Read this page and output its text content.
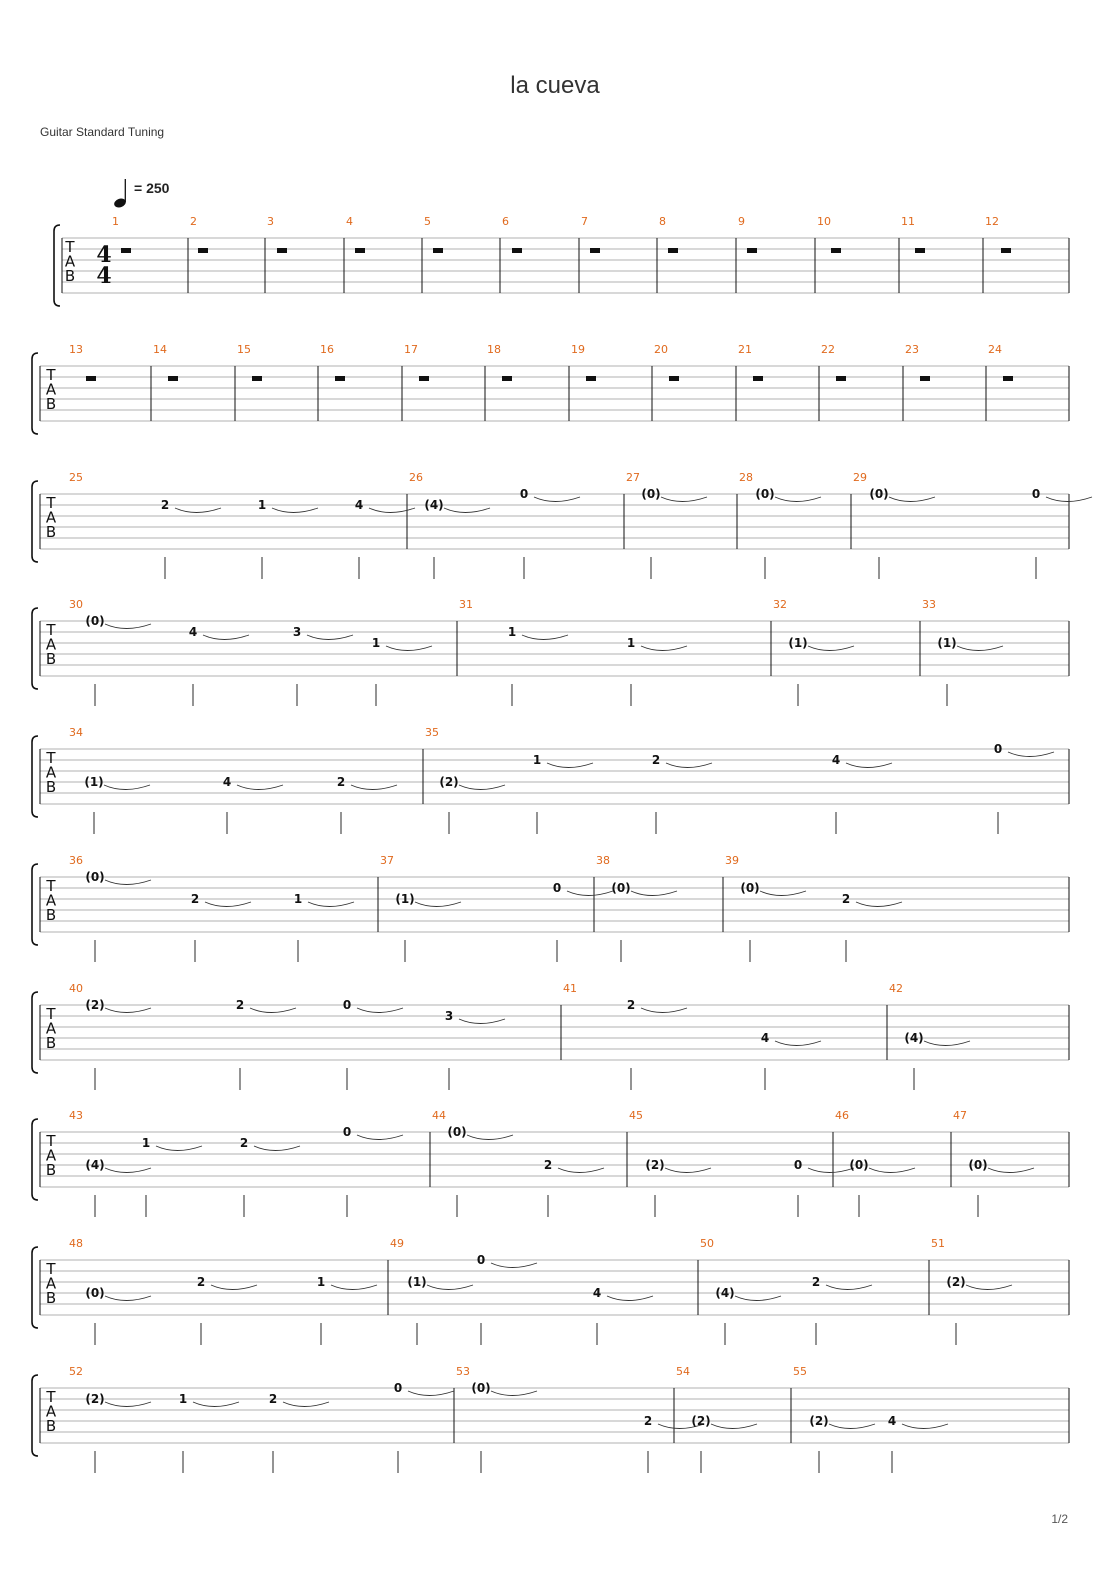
la cueva
Guitar Standard Tuning
= 250
T
A
B
4
4
1	2	3	4	5	6	7	8	9	10	11	12
T
A
B
13	14	15	16	17	18	19	20	21	22	23	24
T
A
B
25	26	27	28	29
2	1	4	(4)
0	(0)	(0)	(0)	0
T
A
B
30	31	32	33
(0)
4	3
1
1
1	(1)	(1)
T
A
B
34	35
(1)	4	2	(2)
1	2	4
0
T
A
B
36	37	38	39
(0)
2	1	(1)
0	(0)	(0)
2
T
A
B
40	41	42
(2)	2	0
3
2
4	(4)
T
A
B
43	44	45	46	47
(4)
1	2
0	(0)
2	(2)	0	(0)	(0)
T
A
B
48	49	50	51
(0)
2	1	(1)
0
4	(4)
2	(2)
T
A
B
52	53	54	55
(2)	1	2
0	(0)
2	(2)	(2)	4
1/2
